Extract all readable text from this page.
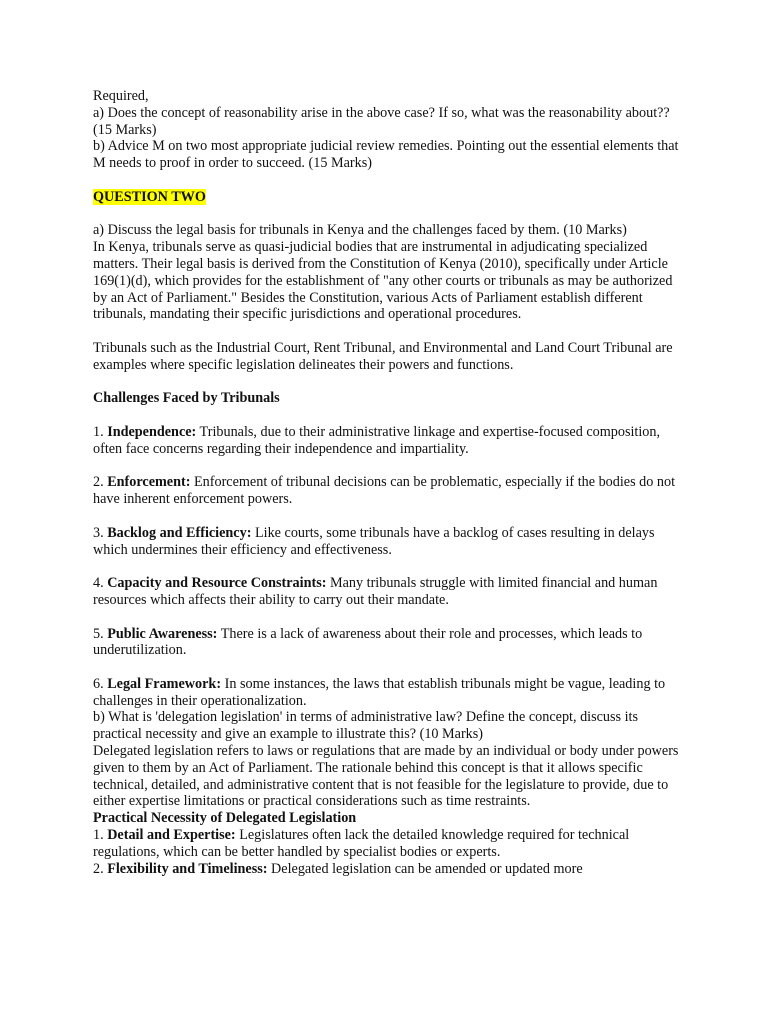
Required,

a) Does the concept of reasonability arise in the above case? If so, what was the reasonability about??(15 Marks)

b) Advice M on two most appropriate judicial review remedies. Pointing out the essential elements that M needs to proof in order to succeed. (15 Marks)

QUESTION TWO

a) Discuss the legal basis for tribunals in Kenya and the challenges faced by them. (10 Marks)

In Kenya, tribunals serve as quasi-judicial bodies that are instrumental in adjudicating specialized matters. Their legal basis is derived from the Constitution of Kenya (2010), specifically under Article 169(1)(d), which provides for the establishment of "any other courts or tribunals as may be authorized by an Act of Parliament." Besides the Constitution, various Acts of Parliament establish different tribunals, mandating their specific jurisdictions and operational procedures.

Tribunals such as the Industrial Court, Rent Tribunal, and Environmental and Land Court Tribunal are examples where specific legislation delineates their powers and functions.

Challenges Faced by Tribunals

1. Independence: Tribunals, due to their administrative linkage and expertise-focused composition, often face concerns regarding their independence and impartiality.

2. Enforcement: Enforcement of tribunal decisions can be problematic, especially if the bodies do not have inherent enforcement powers.

3. Backlog and Efficiency: Like courts, some tribunals have a backlog of cases resulting in delays which undermines their efficiency and effectiveness.

4. Capacity and Resource Constraints: Many tribunals struggle with limited financial and human resources which affects their ability to carry out their mandate.

5. Public Awareness: There is a lack of awareness about their role and processes, which leads to underutilization.

6. Legal Framework: In some instances, the laws that establish tribunals might be vague, leading to challenges in their operationalization.

b) What is 'delegation legislation' in terms of administrative law? Define the concept, discuss its practical necessity and give an example to illustrate this? (10 Marks)

Delegated legislation refers to laws or regulations that are made by an individual or body under powers given to them by an Act of Parliament. The rationale behind this concept is that it allows specific technical, detailed, and administrative content that is not feasible for the legislature to provide, due to either expertise limitations or practical considerations such as time restraints.

Practical Necessity of Delegated Legislation

1. Detail and Expertise: Legislatures often lack the detailed knowledge required for technical regulations, which can be better handled by specialist bodies or experts.

2. Flexibility and Timeliness: Delegated legislation can be amended or updated more
